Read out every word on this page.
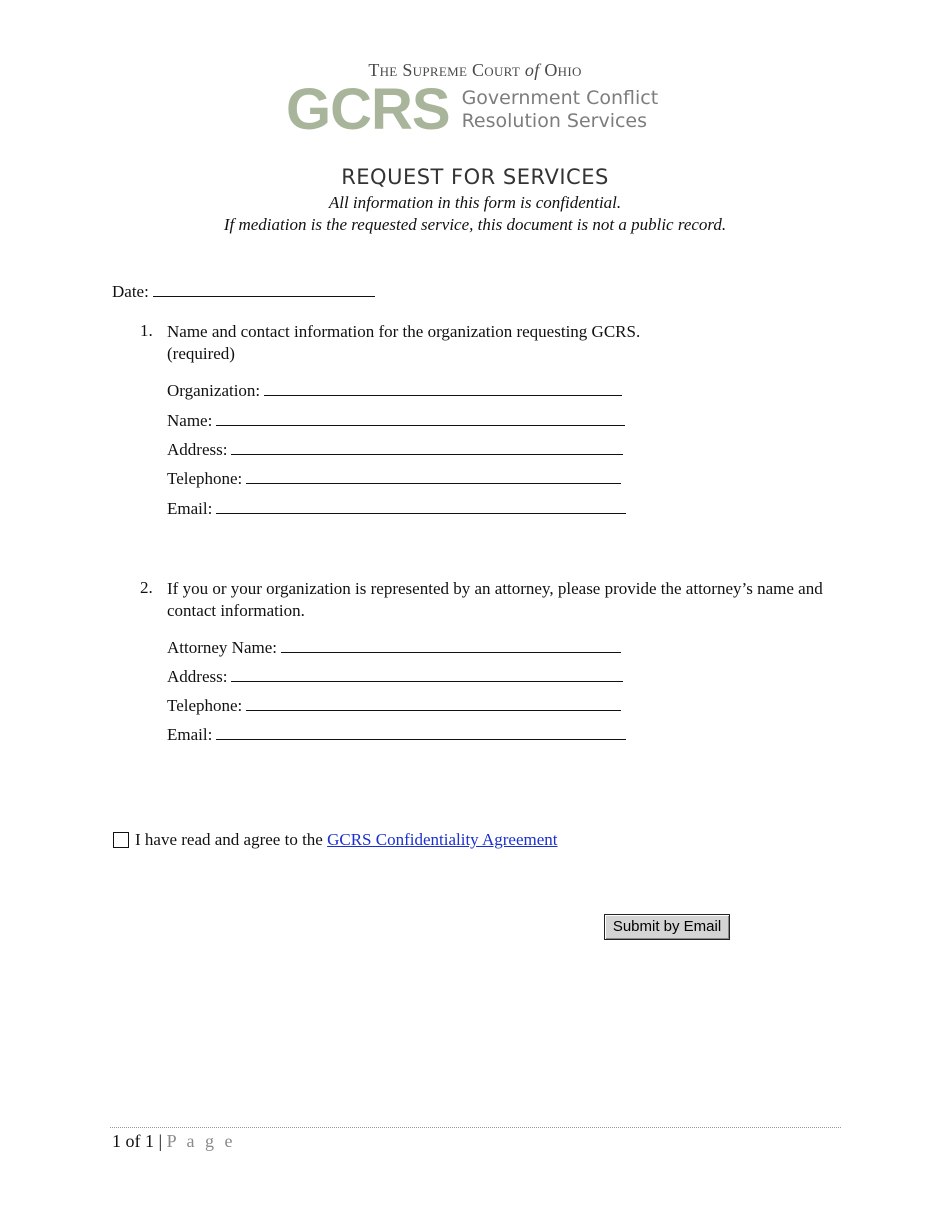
The Supreme Court of Ohio
GCRS Government Conflict
Resolution Services
REQUEST FOR SERVICES
All information in this form is confidential.
If mediation is the requested service, this document is not a public record.
Date:
1. Name and contact information for the organization requesting GCRS.
(required)
Organization:
Name:
Address:
Telephone:
Email:
2. If you or your organization is represented by an attorney, please provide the attorney’s name and
contact information.
Attorney Name:
Address:
Telephone:
Email:
I have read and agree to the GCRS Confidentiality Agreement
Submit by Email
1 of 1 | P a g e
